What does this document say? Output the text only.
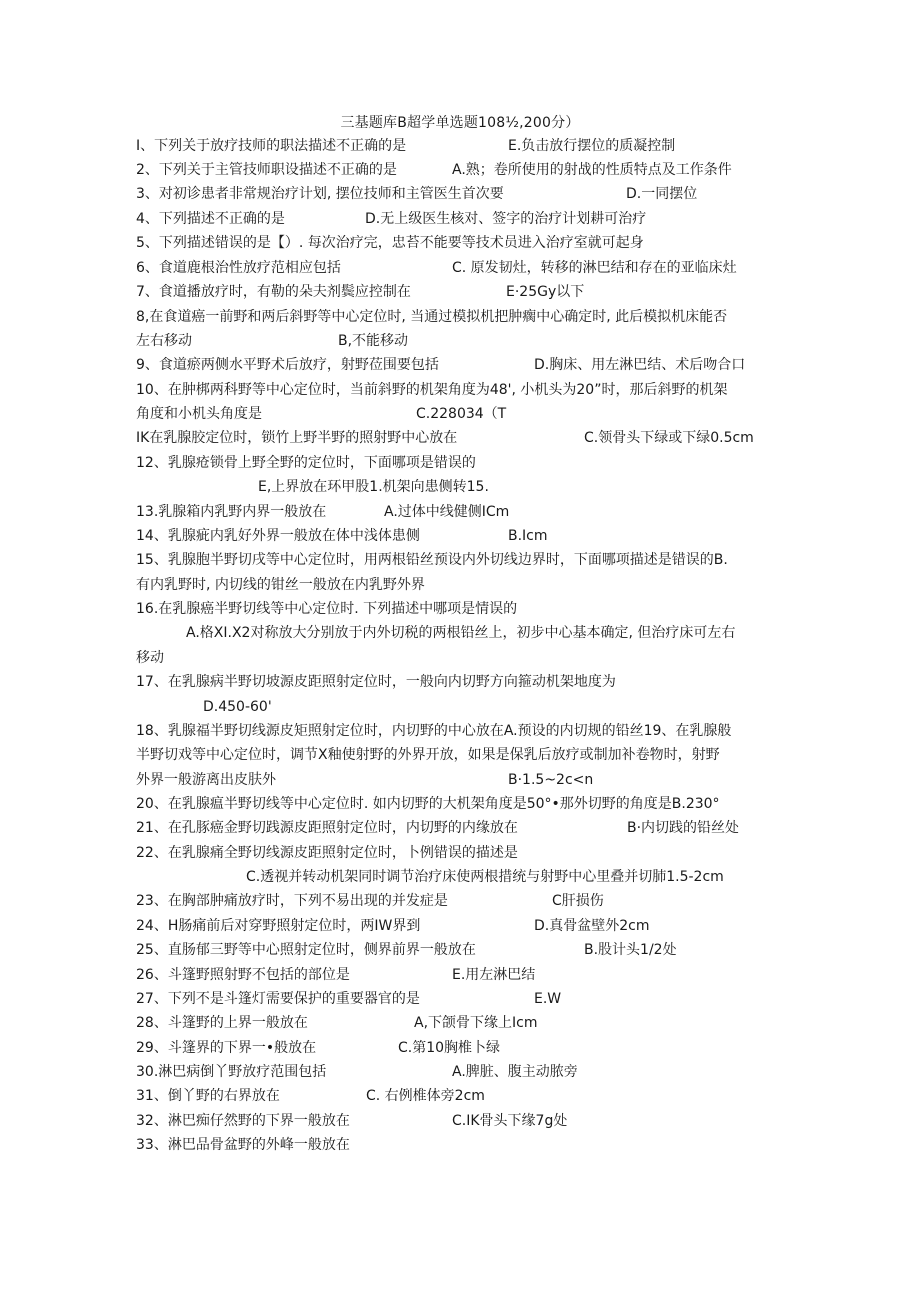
三基题库B超学单选题108½,200分）
I、下列关于放疗技师的职法描述不正确的是	E.负击放行摆位的质凝控制
2、下列关于主管技师职设描述不正确的是	A.熟；卷所使用的射战的性质特点及工作条件
3、对初诊患者非常规治疗计划, 摆位技师和主管医生首次要	D.一同摆位
4、下列描述不正确的是	D.无上级医生核对、签字的治疗计划耕可治疗
5、下列描述错误的是【）. 每次治疗完，忠苔不能要等技术员进入治疗室就可起身
6、食道鹿根治性放疗范相应包括	C. 原发韧灶，转移的淋巴结和存在的亚临床灶
7、食道播放疗时，有勒的朵夫剂鬓应控制在	E·25Gy以下
8,在食道癌一前野和两后斜野等中心定位时, 当通过模拟机把肿瘸中心确定时, 此后模拟机床能否
左右移动	B,不能移动
9、食道瘀两侧水平野术后放疗，射野莅围要包括	D.胸床、用左淋巴结、术后吻合口
10、在肿梆两科野等中心定位时，当前斜野的机架角度为48', 小机头为20”时，那后斜野的机架
角度和小机头角度是	C.228034（T
IK在乳腺胶定位时，锁竹上野半野的照射野中心放在	C.领骨头下绿或下绿0.5cm
12、乳腺疮锁骨上野全野的定位时，下面哪项是错误的
E,上界放在环甲股1.机架向患侧转15.
13.乳腺箱内乳野内界一般放在	A.过体中线健侧ICm
14、乳腺疵内乳好外界一般放在体中浅体患侧	B.Icm
15、乳腺胞半野切戌等中心定位时，用两根铅丝预设内外切线边界时，下面哪项描述是错误的B.
有内乳野时, 内切线的钳丝一般放在内乳野外界
16.在乳腺癌半野切线等中心定位时. 下列描述中哪项是情误的
A.格XI.X2对称放大分别放于内外切税的两根铅丝上，初步中心基本确定, 但治疗床可左右
移动
17、在乳腺病半野切坡源皮距照射定位时，一般向内切野方向箍动机架地度为
D.450-60'
18、乳腺福半野切线源皮矩照射定位时，内切野的中心放在A.预设的内切规的铅丝19、在乳腺般
半野切戏等中心定位时，调节X釉使射野的外界开放，如果是保乳后放疗或制加补卷物时，射野
外界一般游离出皮肤外	B·1.5~2c<n
20、在乳腺瘟半野切线等中心定位时. 如内切野的大机架角度是50°•那外切野的角度是B.230°
21、在孔豚癌金野切践源皮距照射定位时，内切野的内缘放在	B·内切践的铅丝处
22、在乳腺痛全野切线源皮距照射定位时，卜例错误的描述是
C.透视并转动机架同时调节治疗床使两根措统与射野中心里叠并切肺1.5-2cm
23、在胸部肿痛放疗时，下列不易出现的并发症是	C肝损伤
24、H肠痛前后对穿野照射定位时，两IW界到	D.真骨盆壁外2cm
25、直肠郁三野等中心照射定位时，侧界前界一般放在	B.股计头1/2处
26、斗篷野照射野不包括的部位是	E.用左淋巴结
27、下列不是斗篷灯需要保护的重要器官的是	E.W
28、斗篷野的上界一般放在	A,下颌骨下缘上Icm
29、斗篷界的下界一•般放在	C.第10胸椎卜绿
30.淋巴病倒丫野放疗范围包括	A.脾脏、腹主动脓旁
31、倒丫野的右界放在	C. 右例椎体旁2cm
32、淋巴痴仔然野的下界一般放在	C.IK骨头下缘7g处
33、淋巴品骨盆野的外峰一般放在
